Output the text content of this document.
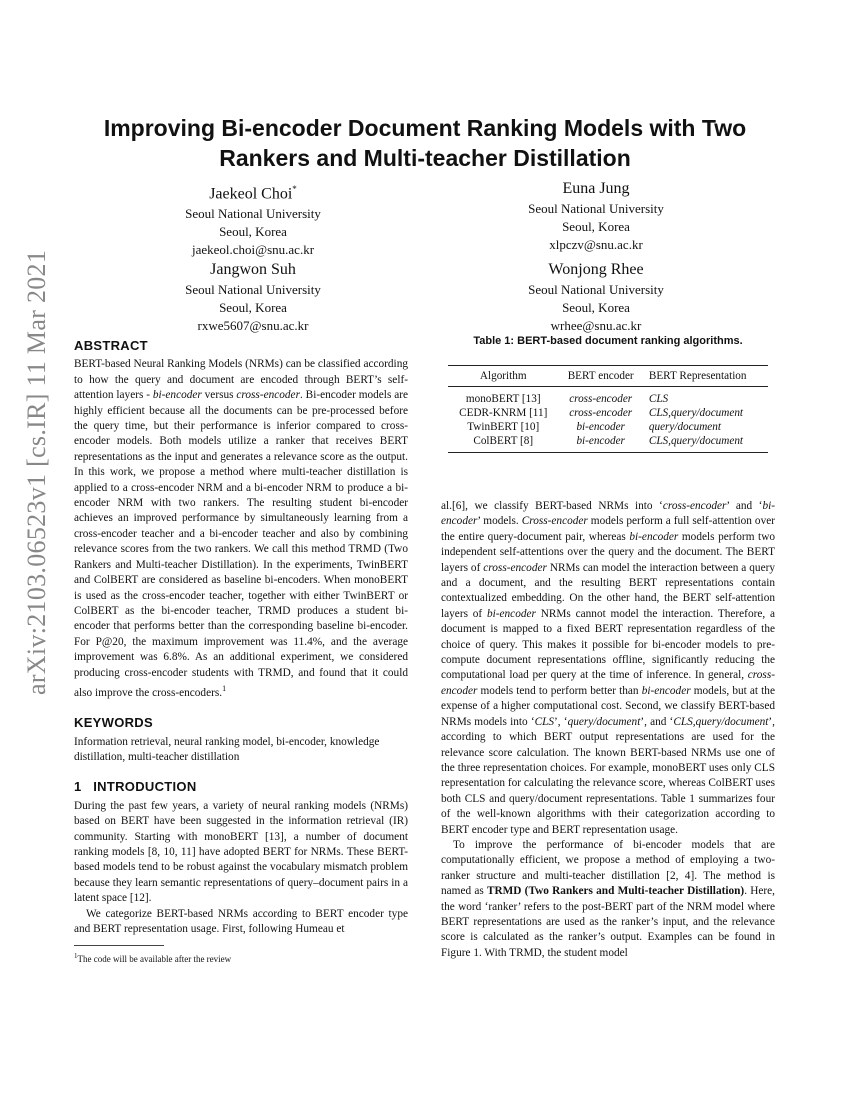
arXiv:2103.06523v1 [cs.IR] 11 Mar 2021
Improving Bi-encoder Document Ranking Models with Two Rankers and Multi-teacher Distillation
Jaekeol Choi*
Seoul National University
Seoul, Korea
jaekeol.choi@snu.ac.kr
Euna Jung
Seoul National University
Seoul, Korea
xlpczv@snu.ac.kr
Jangwon Suh
Seoul National University
Seoul, Korea
rxwe5607@snu.ac.kr
Wonjong Rhee
Seoul National University
Seoul, Korea
wrhee@snu.ac.kr
ABSTRACT

BERT-based Neural Ranking Models (NRMs) can be classified according to how the query and document are encoded through BERT’s self-attention layers - bi-encoder versus cross-encoder. Bi-encoder models are highly efficient because all the documents can be pre-processed before the query time, but their performance is inferior compared to cross-encoder models. Both models utilize a ranker that receives BERT representations as the input and generates a relevance score as the output. In this work, we propose a method where multi-teacher distillation is applied to a cross-encoder NRM and a bi-encoder NRM to produce a bi-encoder NRM with two rankers. The resulting student bi-encoder achieves an improved performance by simultaneously learning from a cross-encoder teacher and a bi-encoder teacher and also by combining relevance scores from the two rankers. We call this method TRMD (Two Rankers and Multi-teacher Distillation). In the experiments, TwinBERT and ColBERT are considered as baseline bi-encoders. When monoBERT is used as the cross-encoder teacher, together with either TwinBERT or ColBERT as the bi-encoder teacher, TRMD produces a student bi-encoder that performs better than the corresponding baseline bi-encoder. For P@20, the maximum improvement was 11.4%, and the average improvement was 6.8%. As an additional experiment, we considered producing cross-encoder students with TRMD, and found that it could also improve the cross-encoders.$^1$

KEYWORDS

Information retrieval, neural ranking model, bi-encoder, knowledge distillation, multi-teacher distillation

1   INTRODUCTION

During the past few years, a variety of neural ranking models (NRMs) based on BERT have been suggested in the information retrieval (IR) community. Starting with monoBERT [13], a number of document ranking models [8, 10, 11] have adopted BERT for NRMs. These BERT-based models tend to be robust against the vocabulary mismatch problem because they learn semantic representations of query–document pairs in a latent space [12].

We categorize BERT-based NRMs according to BERT encoder type and BERT representation usage. First, following Humeau et

$^1$The code will be available after the review
Table 1: BERT-based document ranking algorithms.
Algorithm	BERT encoder	BERT Representation
monoBERT [13]	cross-encoder	CLS
CEDR-KNRM [11]	cross-encoder	CLS,query/document
TwinBERT [10]	bi-encoder	query/document
ColBERT [8]	bi-encoder	CLS,query/document

al.[6], we classify BERT-based NRMs into ‘cross-encoder’ and ‘bi-encoder’ models. Cross-encoder models perform a full self-attention over the entire query-document pair, whereas bi-encoder models perform two independent self-attentions over the query and the document. The BERT layers of cross-encoder NRMs can model the interaction between a query and a document, and the resulting BERT representations contain contextualized embedding. On the other hand, the BERT self-attention layers of bi-encoder NRMs cannot model the interaction. Therefore, a document is mapped to a fixed BERT representation regardless of the choice of query. This makes it possible for bi-encoder models to pre-compute document representations offline, significantly reducing the computational load per query at the time of inference. In general, cross-encoder models tend to perform better than bi-encoder models, but at the expense of a higher computational cost. Second, we classify BERT-based NRMs models into ‘CLS’, ‘query/document’, and ‘CLS,query/document’, according to which BERT output representations are used for the relevance score calculation. The known BERT-based NRMs use one of the three representation choices. For example, monoBERT uses only CLS representation for calculating the relevance score, whereas ColBERT uses both CLS and query/document representations. Table 1 summarizes four of the well-known algorithms with their categorization according to BERT encoder type and BERT representation usage.

To improve the performance of bi-encoder models that are computationally efficient, we propose a method of employing a two-ranker structure and multi-teacher distillation [2, 4]. The method is named as TRMD (Two Rankers and Multi-teacher Distillation). Here, the word ‘ranker’ refers to the post-BERT part of the NRM model where BERT representations are used as the ranker’s input, and the relevance score is calculated as the ranker’s output. Examples can be found in Figure 1. With TRMD, the student model
